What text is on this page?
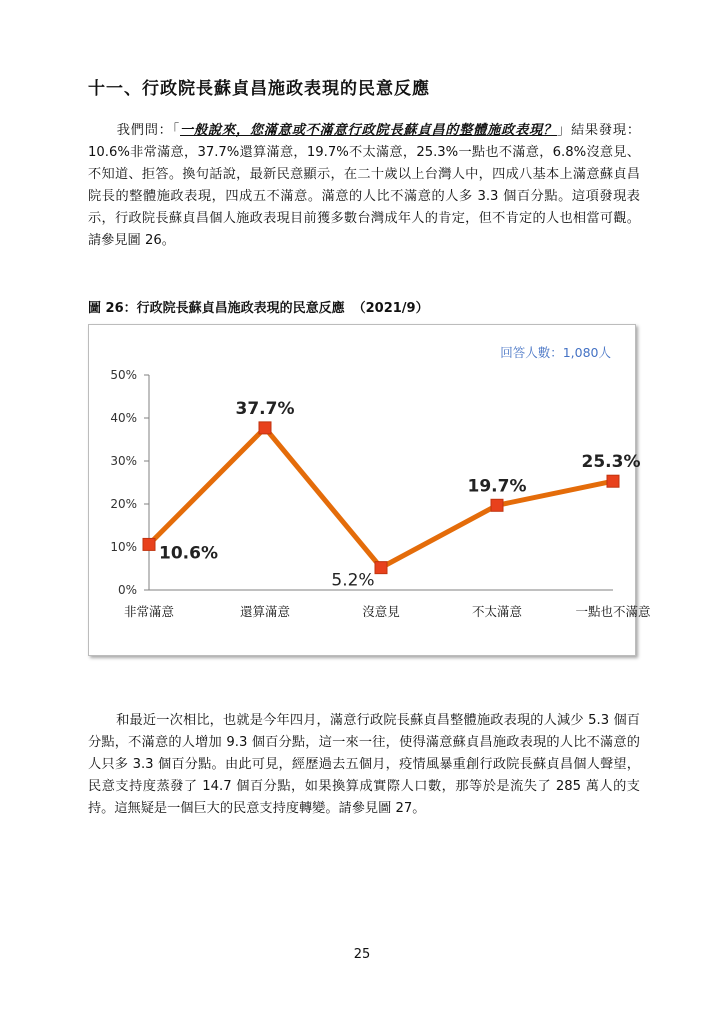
十一、行政院長蘇貞昌施政表現的民意反應
我們問：「一般說來，您滿意或不滿意行政院長蘇貞昌的整體施政表現？」結果發現：10.6%非常滿意，37.7%還算滿意，19.7%不太滿意，25.3%一點也不滿意，6.8%沒意見、不知道、拒答。換句話說，最新民意顯示，在二十歲以上台灣人中，四成八基本上滿意蘇貞昌院長的整體施政表現，四成五不滿意。滿意的人比不滿意的人多 3.3 個百分點。這項發現表示，行政院長蘇貞昌個人施政表現目前獲多數台灣成年人的肯定，但不肯定的人也相當可觀。請參見圖 26。
圖 26：行政院長蘇貞昌施政表現的民意反應 （2021/9）
回答人數：1,080人
0%
10%
20%
30%
40%
50%
非常滿意	還算滿意	沒意見	不太滿意	一點也不滿意
10.6%
37.7%
5.2%
19.7%
25.3%
和最近一次相比，也就是今年四月，滿意行政院長蘇貞昌整體施政表現的人減少 5.3 個百分點，不滿意的人增加 9.3 個百分點，這一來一往，使得滿意蘇貞昌施政表現的人比不滿意的人只多 3.3 個百分點。由此可見，經歷過去五個月，疫情風暴重創行政院長蘇貞昌個人聲望，民意支持度蒸發了 14.7 個百分點，如果換算成實際人口數，那等於是流失了 285 萬人的支持。這無疑是一個巨大的民意支持度轉變。請參見圖 27。
25
